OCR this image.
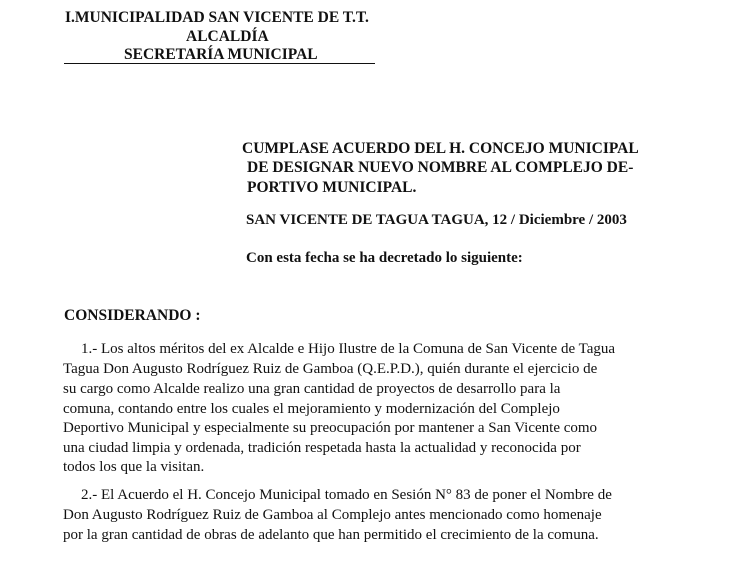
I.MUNICIPALIDAD SAN VICENTE DE T.T.
ALCALDÍA
SECRETARÍA MUNICIPAL
CUMPLASE ACUERDO DEL H. CONCEJO MUNICIPAL
DE DESIGNAR NUEVO NOMBRE AL COMPLEJO DE-
PORTIVO MUNICIPAL.
SAN VICENTE DE TAGUA TAGUA, 12 / Diciembre / 2003
Con esta fecha se ha decretado lo siguiente:
CONSIDERANDO :
1.- Los altos méritos del ex Alcalde e Hijo Ilustre de la Comuna de San Vicente de Tagua
Tagua Don Augusto Rodríguez Ruiz de Gamboa (Q.E.P.D.), quién durante el ejercicio de
su cargo como Alcalde realizo una gran cantidad de proyectos de desarrollo para la
comuna, contando entre los cuales el mejoramiento y modernización del Complejo
Deportivo Municipal y especialmente su preocupación por mantener a San Vicente como
una ciudad limpia y ordenada, tradición respetada hasta la actualidad y reconocida por
todos los que la visitan.
2.- El Acuerdo el H. Concejo Municipal tomado en Sesión N° 83 de poner el Nombre de
Don Augusto Rodríguez Ruiz de Gamboa al Complejo antes mencionado como homenaje
por la gran cantidad de obras de adelanto que han permitido el crecimiento de la comuna.
